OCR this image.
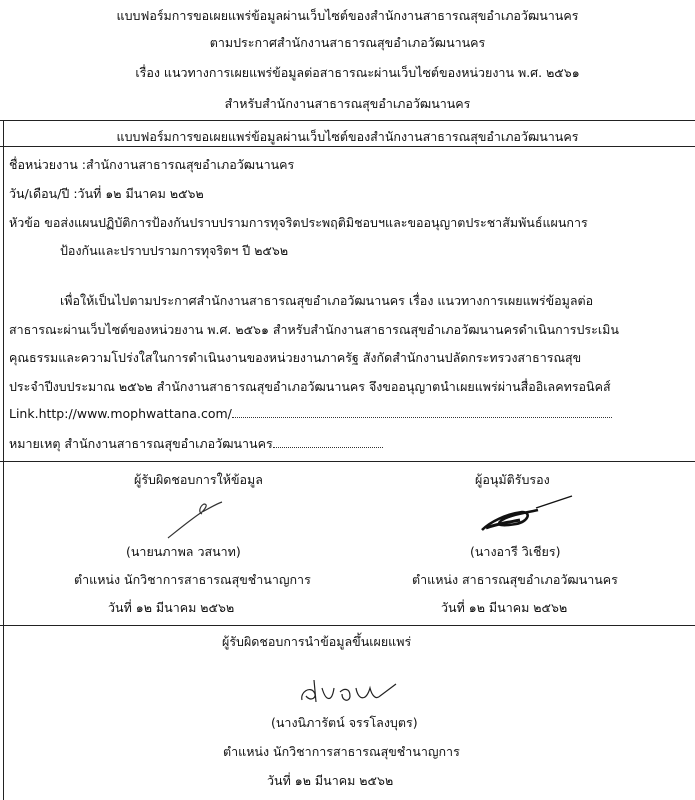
แบบฟอร์มการขอเผยแพร่ข้อมูลผ่านเว็บไซต์ของสำนักงานสาธารณสุขอำเภอวัฒนานคร
ตามประกาศสำนักงานสาธารณสุขอำเภอวัฒนานคร
เรื่อง แนวทางการเผยแพร่ข้อมูลต่อสาธารณะผ่านเว็บไซต์ของหน่วยงาน พ.ศ. ๒๕๖๑
สำหรับสำนักงานสาธารณสุขอำเภอวัฒนานคร
แบบฟอร์มการขอเผยแพร่ข้อมูลผ่านเว็บไซต์ของสำนักงานสาธารณสุขอำเภอวัฒนานคร
ชื่อหน่วยงาน :สำนักงานสาธารณสุขอำเภอวัฒนานคร
วัน/เดือน/ปี :วันที่ ๑๒ มีนาคม ๒๕๖๒
หัวข้อ ขอส่งแผนปฏิบัติการป้องกันปราบปรามการทุจริตประพฤติมิชอบฯและขออนุญาตประชาสัมพันธ์แผนการ
ป้องกันและปราบปรามการทุจริตฯ ปี ๒๕๖๒
เพื่อให้เป็นไปตามประกาศสำนักงานสาธารณสุขอำเภอวัฒนานคร เรื่อง แนวทางการเผยแพร่ข้อมูลต่อ
สาธารณะผ่านเว็บไซต์ของหน่วยงาน พ.ศ. ๒๕๖๑ สำหรับสำนักงานสาธารณสุขอำเภอวัฒนานครดำเนินการประเมิน
คุณธรรมและความโปร่งใสในการดำเนินงานของหน่วยงานภาครัฐ สังกัดสำนักงานปลัดกระทรวงสาธารณสุข
ประจำปีงบประมาณ ๒๕๖๒ สำนักงานสาธารณสุขอำเภอวัฒนานคร จึงขออนุญาตนำเผยแพร่ผ่านสื่ออิเลคทรอนิคส์
Link.http://www.mophwattana.com/
หมายเหตุ สำนักงานสาธารณสุขอำเภอวัฒนานคร
ผู้รับผิดชอบการให้ข้อมูล
(นายนภาพล วสนาท)
ตำแหน่ง นักวิชาการสาธารณสุขชำนาญการ
วันที่ ๑๒ มีนาคม ๒๕๖๒
ผู้อนุมัติรับรอง
(นางอารี วิเชียร)
ตำแหน่ง สาธารณสุขอำเภอวัฒนานคร
วันที่ ๑๒ มีนาคม ๒๕๖๒
ผู้รับผิดชอบการนำข้อมูลขึ้นเผยแพร่
(นางนิภารัตน์ จรรโลงบุตร)
ตำแหน่ง นักวิชาการสาธารณสุขชำนาญการ
วันที่ ๑๒ มีนาคม ๒๕๖๒
